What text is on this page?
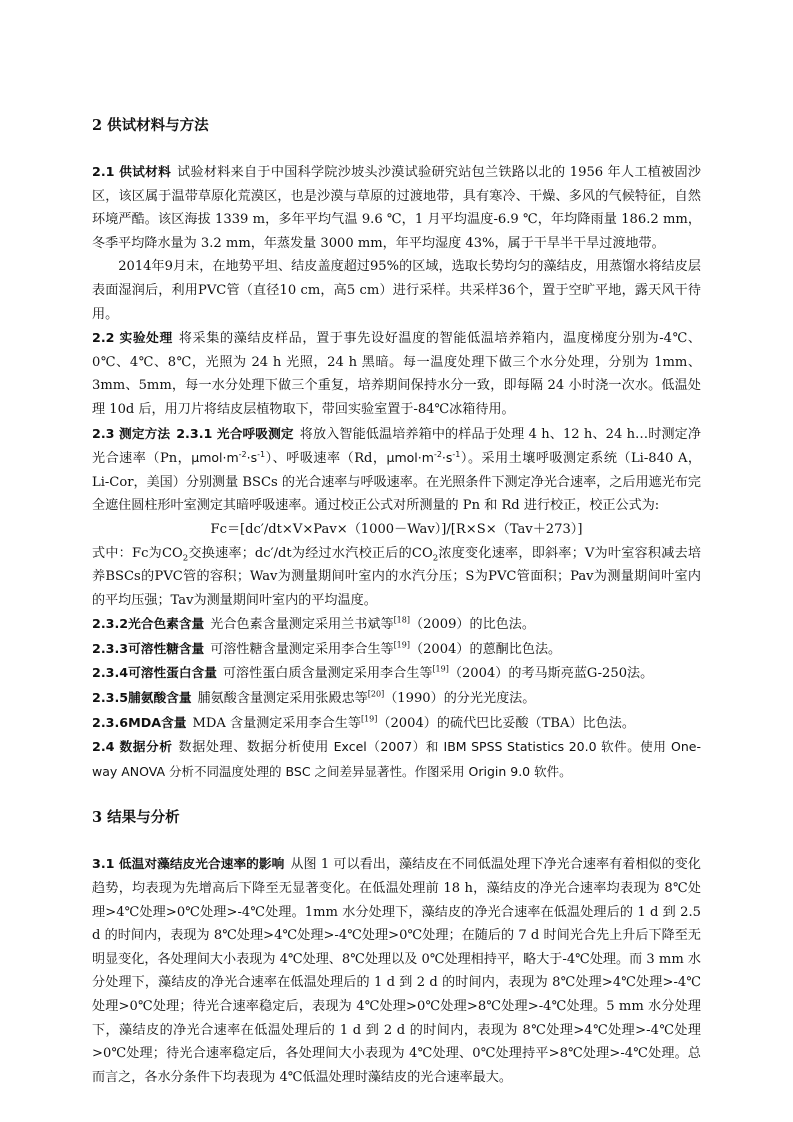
2 供试材料与方法

2.1 供试材料 试验材料来自于中国科学院沙坡头沙漠试验研究站包兰铁路以北的 1956 年人工植被固沙区，该区属于温带草原化荒漠区，也是沙漠与草原的过渡地带，具有寒冷、干燥、多风的气候特征，自然环境严酷。该区海拔 1339 m，多年平均气温 9.6 ℃，1 月平均温度-6.9 ℃，年均降雨量 186.2 mm，冬季平均降水量为 3.2 mm，年蒸发量 3000 mm，年平均湿度 43%，属于干旱半干旱过渡地带。

2014年9月末，在地势平坦、结皮盖度超过95%的区域，选取长势均匀的藻结皮，用蒸馏水将结皮层表面湿润后，利用PVC管（直径10 cm，高5 cm）进行采样。共采样36个，置于空旷平地，露天风干待用。

2.2 实验处理 将采集的藻结皮样品，置于事先设好温度的智能低温培养箱内，温度梯度分别为-4℃、0℃、4℃、8℃，光照为 24 h 光照，24 h 黑暗。每一温度处理下做三个水分处理，分别为 1mm、3mm、5mm，每一水分处理下做三个重复，培养期间保持水分一致，即每隔 24 小时浇一次水。低温处理 10d 后，用刀片将结皮层植物取下，带回实验室置于-84℃冰箱待用。

2.3 测定方法 2.3.1 光合呼吸测定 将放入智能低温培养箱中的样品于处理 4 h、12 h、24 h…时测定净光合速率（Pn，$\mu mol\cdot m^{-2}\cdot s^{-1}$）、呼吸速率（Rd，$\mu mol\cdot m^{-2}\cdot s^{-1}$）。采用土壤呼吸测定系统（Li-840 A，Li-Cor，美国）分别测量 BSCs 的光合速率与呼吸速率。在光照条件下测定净光合速率，之后用遮光布完全遮住圆柱形叶室测定其暗呼吸速率。通过校正公式对所测量的 Pn 和 Rd 进行校正，校正公式为:

Fc＝[dc′/dt×V×Pav×（1000－Wav）]/[R×S×（Tav＋273）]

式中：Fc为$CO_2$交换速率；dc′/dt为经过水汽校正后的$CO_2$浓度变化速率，即斜率；V为叶室容积减去培养BSCs的PVC管的容积；Wav为测量期间叶室内的水汽分压；S为PVC管面积；Pav为测量期间叶室内的平均压强；Tav为测量期间叶室内的平均温度。

2.3.2光合色素含量 光合色素含量测定采用兰书斌等[18]（2009）的比色法。

2.3.3可溶性糖含量 可溶性糖含量测定采用李合生等[19]（2004）的蒽酮比色法。

2.3.4可溶性蛋白含量 可溶性蛋白质含量测定采用李合生等[19]（2004）的考马斯亮蓝G-250法。

2.3.5脯氨酸含量 脯氨酸含量测定采用张殿忠等[20]（1990）的分光光度法。

2.3.6MDA含量 MDA 含量测定采用李合生等[19]（2004）的硫代巴比妥酸（TBA）比色法。

2.4 数据分析 数据处理、数据分析使用 Excel（2007）和 IBM SPSS Statistics 20.0 软件。使用 One-way ANOVA 分析不同温度处理的 BSC 之间差异显著性。作图采用 Origin 9.0 软件。

3 结果与分析

3.1 低温对藻结皮光合速率的影响 从图 1 可以看出，藻结皮在不同低温处理下净光合速率有着相似的变化趋势，均表现为先增高后下降至无显著变化。在低温处理前 18 h，藻结皮的净光合速率均表现为 8℃处理>4℃处理>0℃处理>-4℃处理。1mm 水分处理下，藻结皮的净光合速率在低温处理后的 1 d 到 2.5 d 的时间内，表现为 8℃处理>4℃处理>-4℃处理>0℃处理；在随后的 7 d 时间光合先上升后下降至无明显变化，各处理间大小表现为 4℃处理、8℃处理以及 0℃处理相持平，略大于-4℃处理。而 3 mm 水分处理下，藻结皮的净光合速率在低温处理后的 1 d 到 2 d 的时间内，表现为 8℃处理>4℃处理>-4℃处理>0℃处理；待光合速率稳定后，表现为 4℃处理>0℃处理>8℃处理>-4℃处理。5 mm 水分处理下，藻结皮的净光合速率在低温处理后的 1 d 到 2 d 的时间内，表现为 8℃处理>4℃处理>-4℃处理>0℃处理；待光合速率稳定后，各处理间大小表现为 4℃处理、0℃处理持平>8℃处理>-4℃处理。总而言之，各水分条件下均表现为 4℃低温处理时藻结皮的光合速率最大。
